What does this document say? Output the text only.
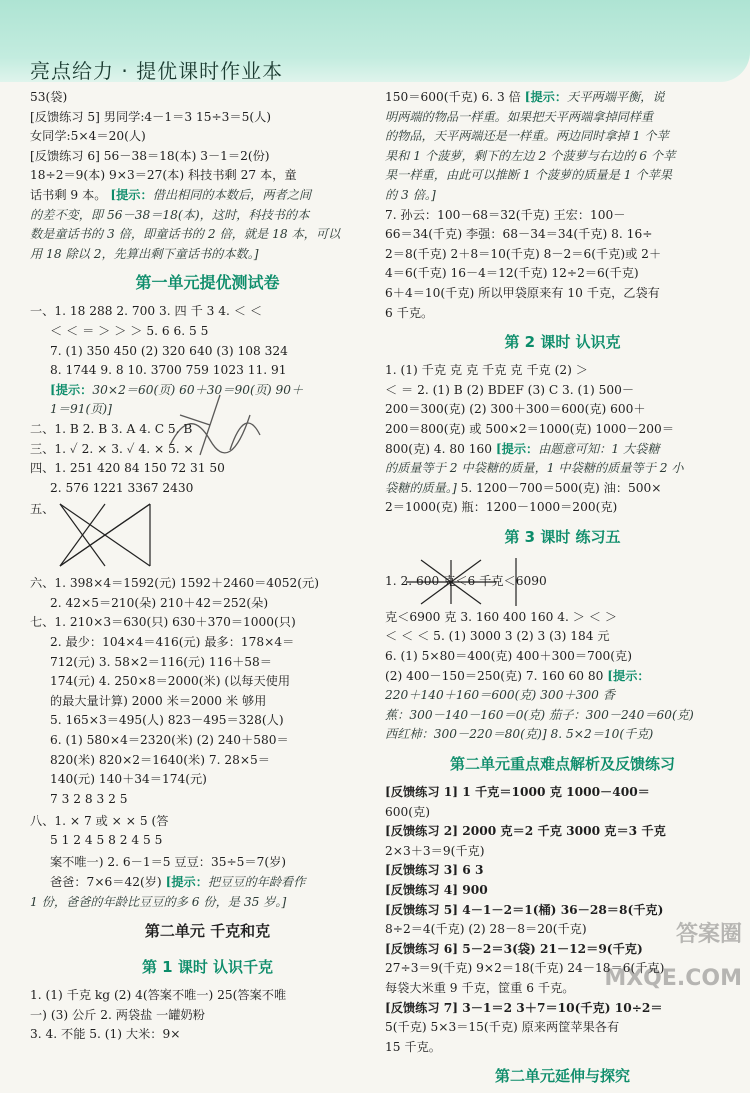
亮点给力 · 提优课时作业本

53(袋)

[反馈练习 5] 男同学:4－1＝3 15÷3＝5(人)

女同学:5×4＝20(人)

[反馈练习 6] 56－38＝18(本) 3－1＝2(份)

18÷2＝9(本) 9×3＝27(本) 科技书剩 27 本，童

话书剩 9 本。 [提示：借出相同的本数后，两者之间

的差不变，即 56－38＝18(本)，这时，科技书的本

数是童话书的 3 倍，即童话书的 2 倍，就是 18 本，可以

用 18 除以 2，先算出剩下童话书的本数。]

第一单元提优测试卷

一、1. 18 288 2. 700 3. 四 千 3 4. ＜ ＜

＜ ＜ ＝ ＞ ＞ ＞ 5. 6 6. 5 5

7. (1) 350 450 (2) 320 640 (3) 108 324

8. 1744 9. 8 10. 3700 759 1023 11. 91

[提示：30×2＝60(页) 60＋30＝90(页) 90＋

1＝91(页)]

二、1. B 2. B 3. A 4. C 5. B

三、1. ✓ 2. × 3. ✓ 4. × 5. ×

四、1. 251 420 84 150 72 31 50

2. 576 1221 3367 2430

五、

六、1. 398×4＝1592(元) 1592＋2460＝4052(元)

2. 42×5＝210(朵) 210＋42＝252(朵)

七、1. 210×3＝630(只) 630＋370＝1000(只)

2. 最少：104×4＝416(元) 最多：178×4＝

712(元) 3. 58×2＝116(元) 116＋58＝

174(元) 4. 250×8＝2000(米) (以每天使用

的最大量计算) 2000 米＝2000 米 够用

5. 165×3＝495(人) 823－495＝328(人)

6. (1) 580×4＝2320(米) (2) 240＋580＝

820(米) 820×2＝1640(米) 7. 28×5＝

140(元) 140＋34＝174(元)

7 3 2 8 3 2 5

八、1. × 7 或 × × 5 (答

5 1 2 4 5 8 2 4 5 5

案不唯一) 2. 6－1＝5 豆豆：35÷5＝7(岁)

爸爸：7×6＝42(岁) [提示：把豆豆的年龄看作

1 份，爸爸的年龄比豆豆的多 6 份，是 35 岁。]

第二单元 千克和克
第 1 课时 认识千克

1. (1) 千克 kg (2) 4(答案不唯一) 25(答案不唯

一) (3) 公斤 2. 两袋盐 一罐奶粉

3. 4. 不能 5. (1) 大米：9×

150＝600(千克) 6. 3 倍 [提示：天平两端平衡，说

明两端的物品一样重。如果把天平两端拿掉同样重

的物品，天平两端还是一样重。两边同时拿掉 1 个苹

果和 1 个菠萝，剩下的左边 2 个菠萝与右边的 6 个苹

果一样重，由此可以推断 1 个菠萝的质量是 1 个苹果

的 3 倍。]

7. 孙云：100－68＝32(千克) 王宏：100－

66＝34(千克) 李强：68－34＝34(千克) 8. 16÷

2＝8(千克) 2＋8＝10(千克) 8－2＝6(千克)或 2＋

4＝6(千克) 16－4＝12(千克) 12÷2＝6(千克)

6＋4＝10(千克) 所以甲袋原来有 10 千克，乙袋有

6 千克。

第 2 课时 认识克

1. (1) 千克 克 克 千克 克 千克 (2) ＞

＜ ＝ 2. (1) B (2) BDEF (3) C 3. (1) 500－

200＝300(克) (2) 300＋300＝600(克) 600＋

200＝800(克) 或 500×2＝1000(克) 1000－200＝

800(克) 4. 80 160 [提示：由题意可知：1 大袋糖

的质量等于 2 中袋糖的质量，1 中袋糖的质量等于 2 小

袋糖的质量。] 5. 1200－700＝500(克) 油：500×

2＝1000(克) 瓶：1200－1000＝200(克)

第 3 课时 练习五

1. 2. 600 克＜6 千克＜6090

克＜6900 克 3. 160 400 160 4. ＞ ＜ ＞

＜ ＜ ＜ 5. (1) 3000 3 (2) 3 (3) 184 元

6. (1) 5×80＝400(克) 400＋300＝700(克)

(2) 400－150＝250(克) 7. 160 60 80 [提示：

220＋140＋160＝600(克) 300＋300 香

蕉：300－140－160＝0(克) 茄子：300－240＝60(克)

西红柿：300－220＝80(克)] 8. 5×2＝10(千克)

第二单元重点难点解析及反馈练习

[反馈练习 1] 1 千克＝1000 克 1000－400＝

600(克)

[反馈练习 2] 2000 克＝2 千克 3000 克＝3 千克

2×3＋3＝9(千克)

[反馈练习 3] 6 3

[反馈练习 4] 900

[反馈练习 5] 4－1－2＝1(桶) 36－28＝8(千克)

8÷2＝4(千克) (2) 28－8＝20(千克)

[反馈练习 6] 5－2＝3(袋) 21－12＝9(千克)

27÷3＝9(千克) 9×2＝18(千克) 24－18＝6(千克)

每袋大米重 9 千克，筐重 6 千克。

[反馈练习 7] 3－1＝2 3＋7＝10(千克) 10÷2＝

5(千克) 5×3＝15(千克) 原来两筐苹果各有

15 千克。

第二单元延伸与探究
答案圈 MXQE.COM
